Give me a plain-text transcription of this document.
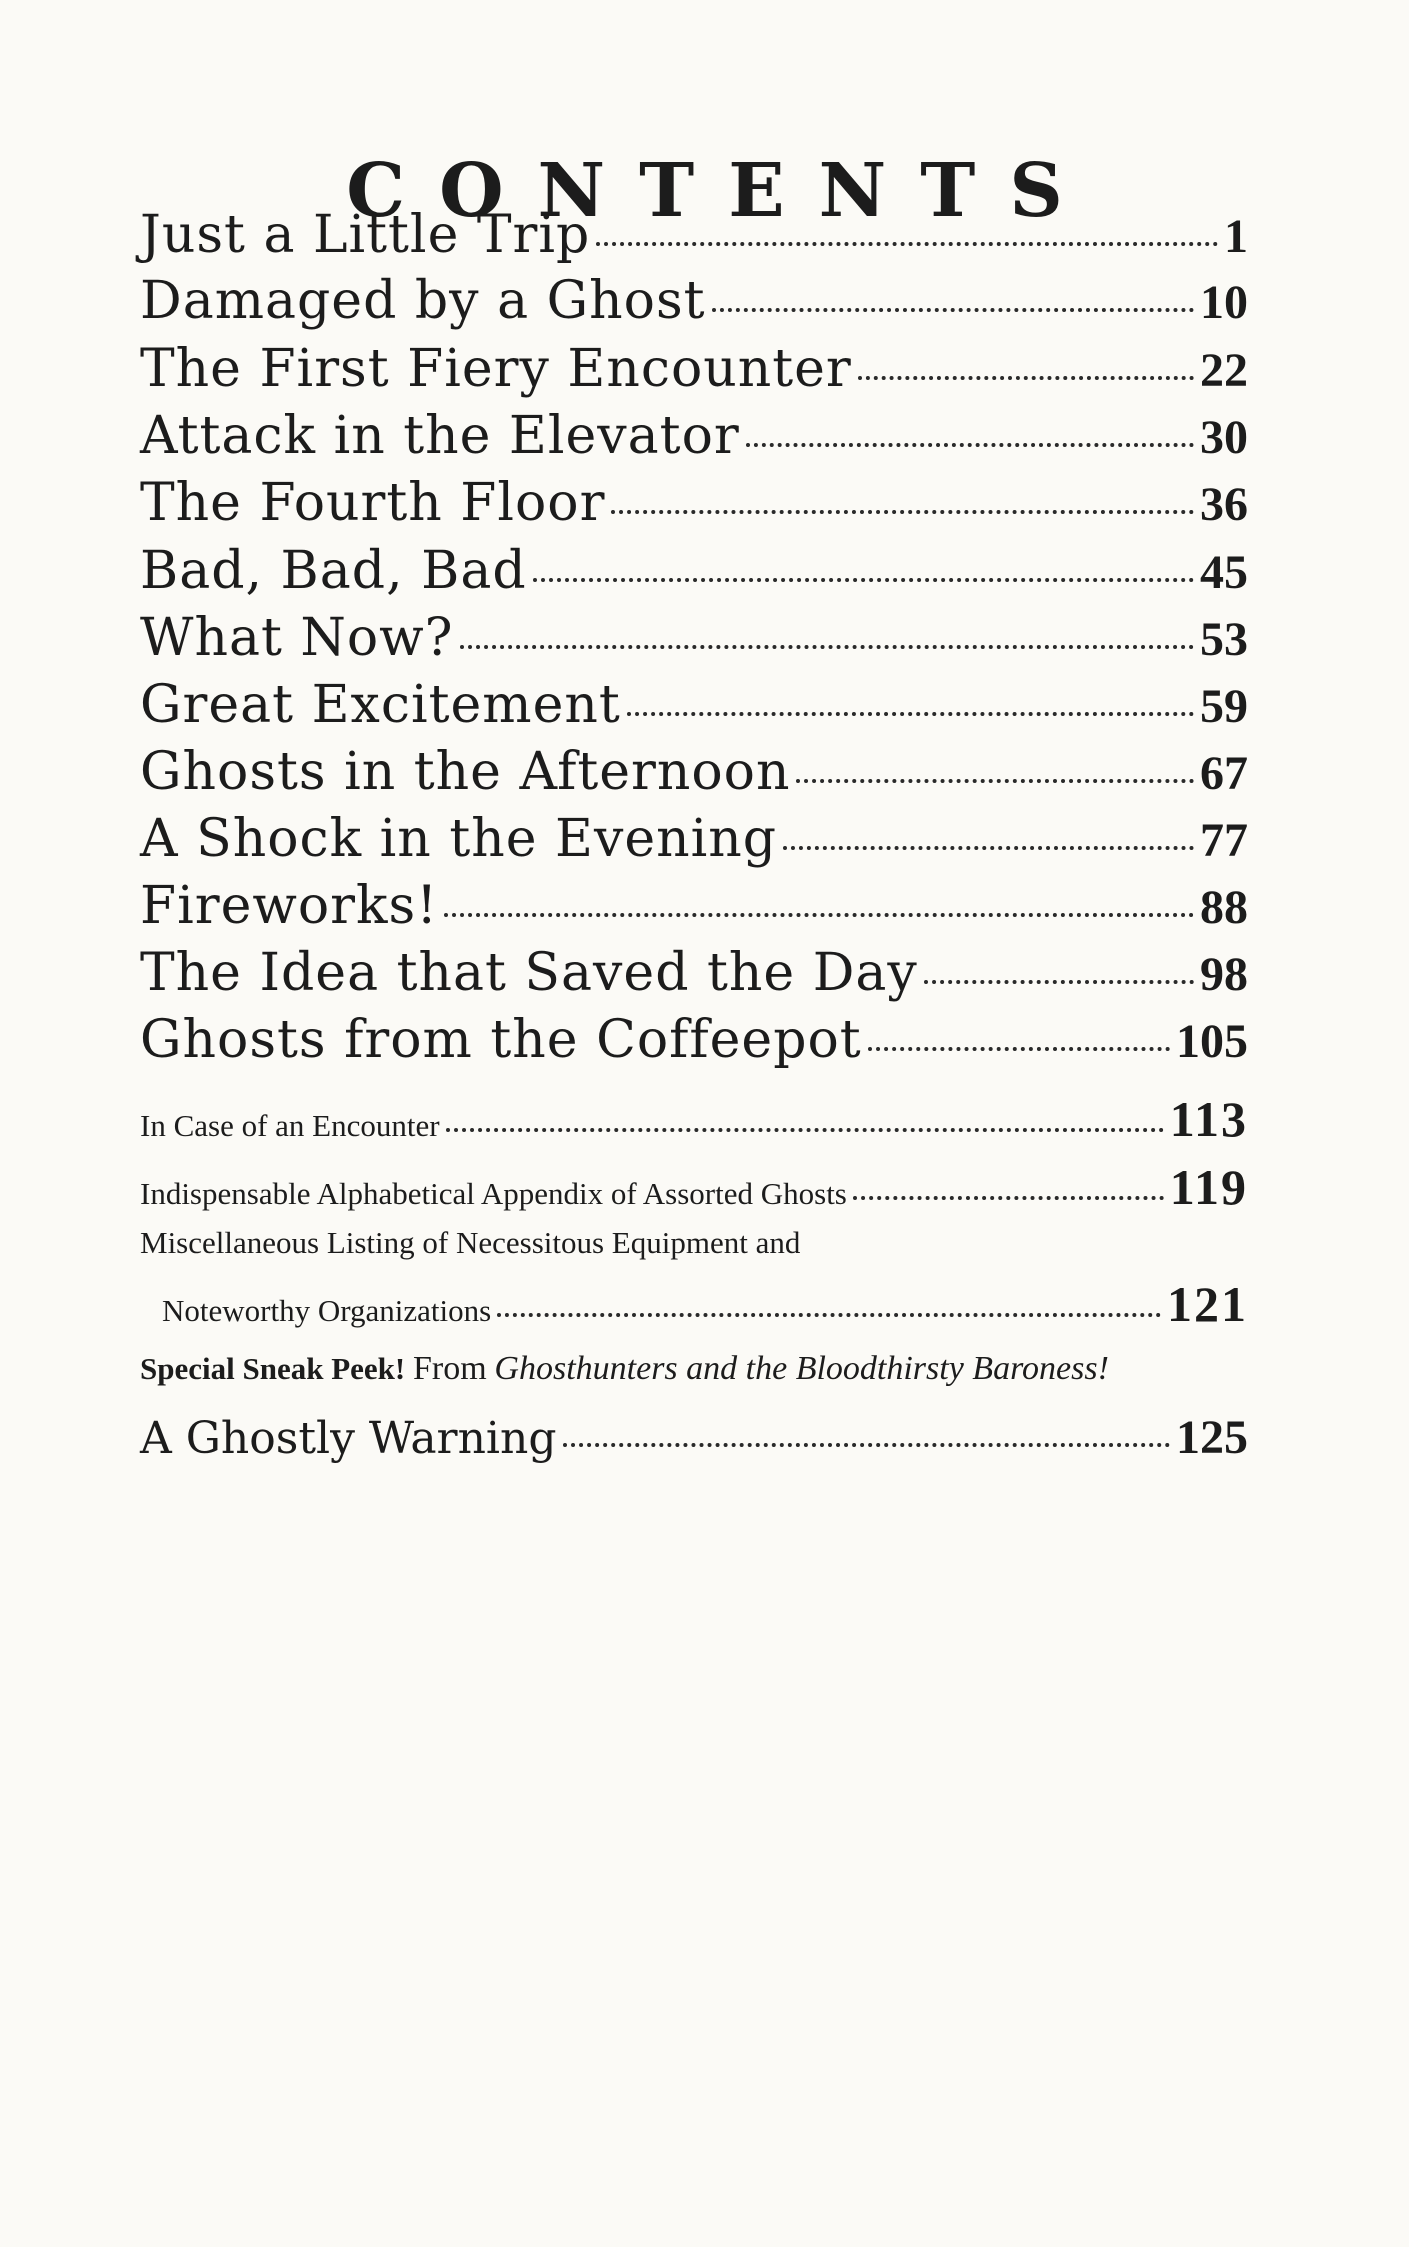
CONTENTS
Just a Little Trip	1
Damaged by a Ghost	10
The First Fiery Encounter	22
Attack in the Elevator	30
The Fourth Floor	36
Bad, Bad, Bad	45
What Now?	53
Great Excitement	59
Ghosts in the Afternoon	67
A Shock in the Evening	77
Fireworks!	88
The Idea that Saved the Day	98
Ghosts from the Coffeepot	105
In Case of an Encounter	113
Indispensable Alphabetical Appendix of Assorted Ghosts	119
Miscellaneous Listing of Necessitous Equipment and
Noteworthy Organizations	121
Special Sneak Peek! From Ghosthunters and the Bloodthirsty Baroness!
A Ghostly Warning	125
